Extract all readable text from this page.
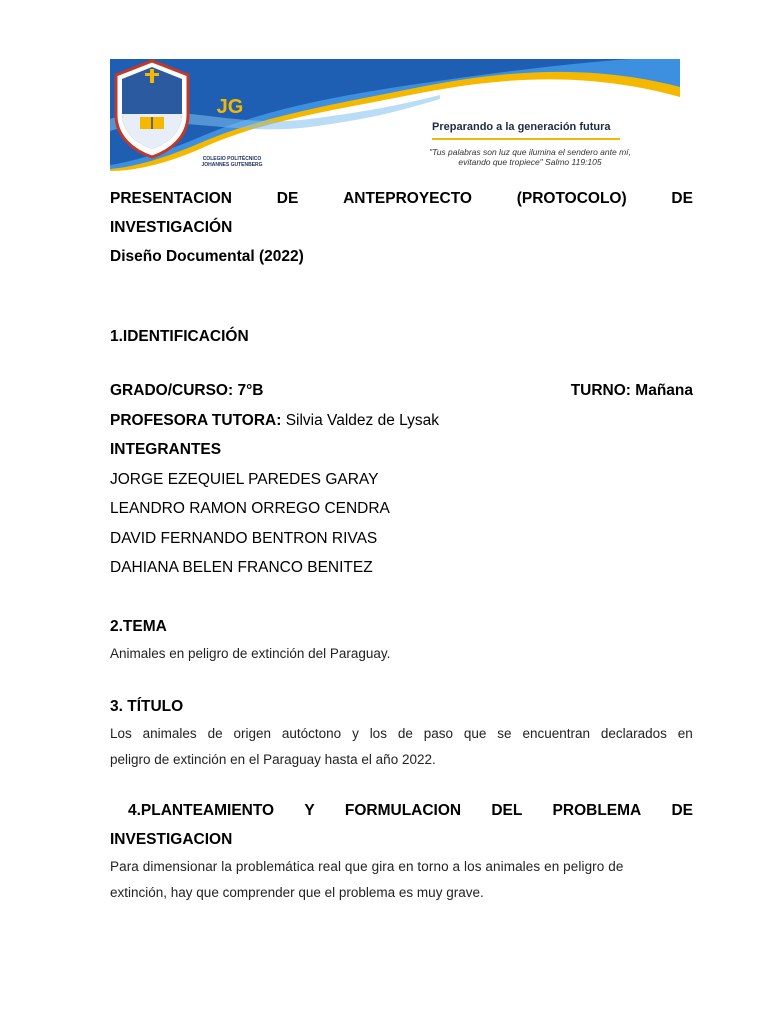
JG
COLEGIO POLITÉCNICO
JOHANNES GUTENBERG
Preparando a la generación futura
"Tus palabras son luz que ilumina el sendero ante mí,
evitando que tropiece" Salmo 119:105
PRESENTACION	DE	ANTEPROYECTO	(PROTOCOLO)	DE
INVESTIGACIÓN
Diseño Documental (2022)
1.IDENTIFICACIÓN
GRADO/CURSO: 7°B	TURNO: Mañana
PROFESORA TUTORA: Silvia Valdez de Lysak
INTEGRANTES
JORGE EZEQUIEL PAREDES GARAY
LEANDRO RAMON ORREGO CENDRA
DAVID FERNANDO BENTRON RIVAS
DAHIANA BELEN FRANCO BENITEZ
2.TEMA
Animales en peligro de extinción del Paraguay.
3. TÍTULO
Los animales de origen autóctono y los de paso que se encuentran declarados en
peligro de extinción en el Paraguay hasta el año 2022.
4.PLANTEAMIENTO Y FORMULACION DEL PROBLEMA DE
INVESTIGACION
Para dimensionar la problemática real que gira en torno a los animales en peligro de
extinción, hay que comprender que el problema es muy grave.
